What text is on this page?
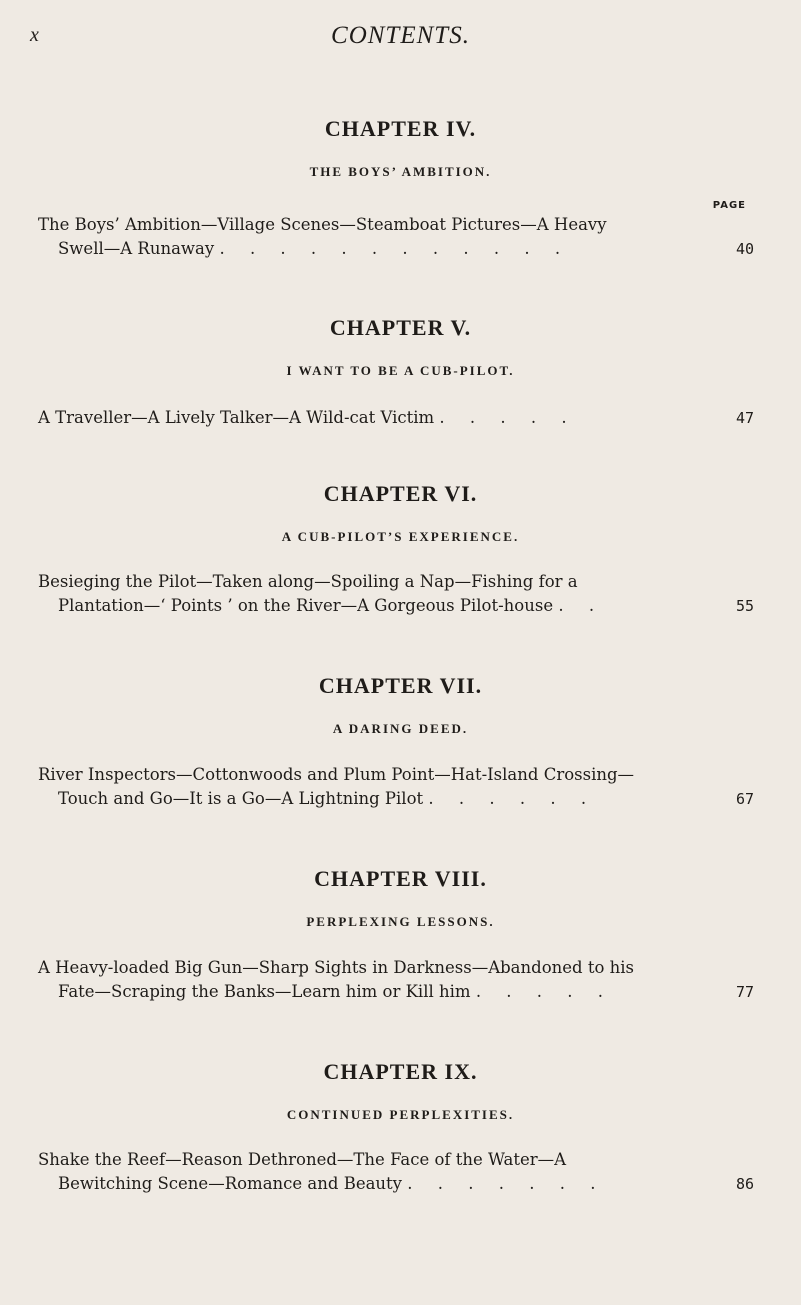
x	CONTENTS.
CHAPTER IV.
THE BOYS’ AMBITION.
PAGE
The Boys’ Ambition—Village Scenes—Steamboat Pictures—A Heavy
Swell—A Runaway . . . . . . . . . . . .	40
CHAPTER V.
I WANT TO BE A CUB-PILOT.
A Traveller—A Lively Talker—A Wild-cat Victim . . . . .	47
CHAPTER VI.
A CUB-PILOT’S EXPERIENCE.
Besieging the Pilot—Taken along—Spoiling a Nap—Fishing for a
Plantation—‘ Points ’ on the River—A Gorgeous Pilot-house . .	55
CHAPTER VII.
A DARING DEED.
River Inspectors—Cottonwoods and Plum Point—Hat-Island Crossing—
Touch and Go—It is a Go—A Lightning Pilot . . . . . .	67
CHAPTER VIII.
PERPLEXING LESSONS.
A Heavy-loaded Big Gun—Sharp Sights in Darkness—Abandoned to his
Fate—Scraping the Banks—Learn him or Kill him . . . . .	77
CHAPTER IX.
CONTINUED PERPLEXITIES.
Shake the Reef—Reason Dethroned—The Face of the Water—A
Bewitching Scene—Romance and Beauty . . . . . . .	86
